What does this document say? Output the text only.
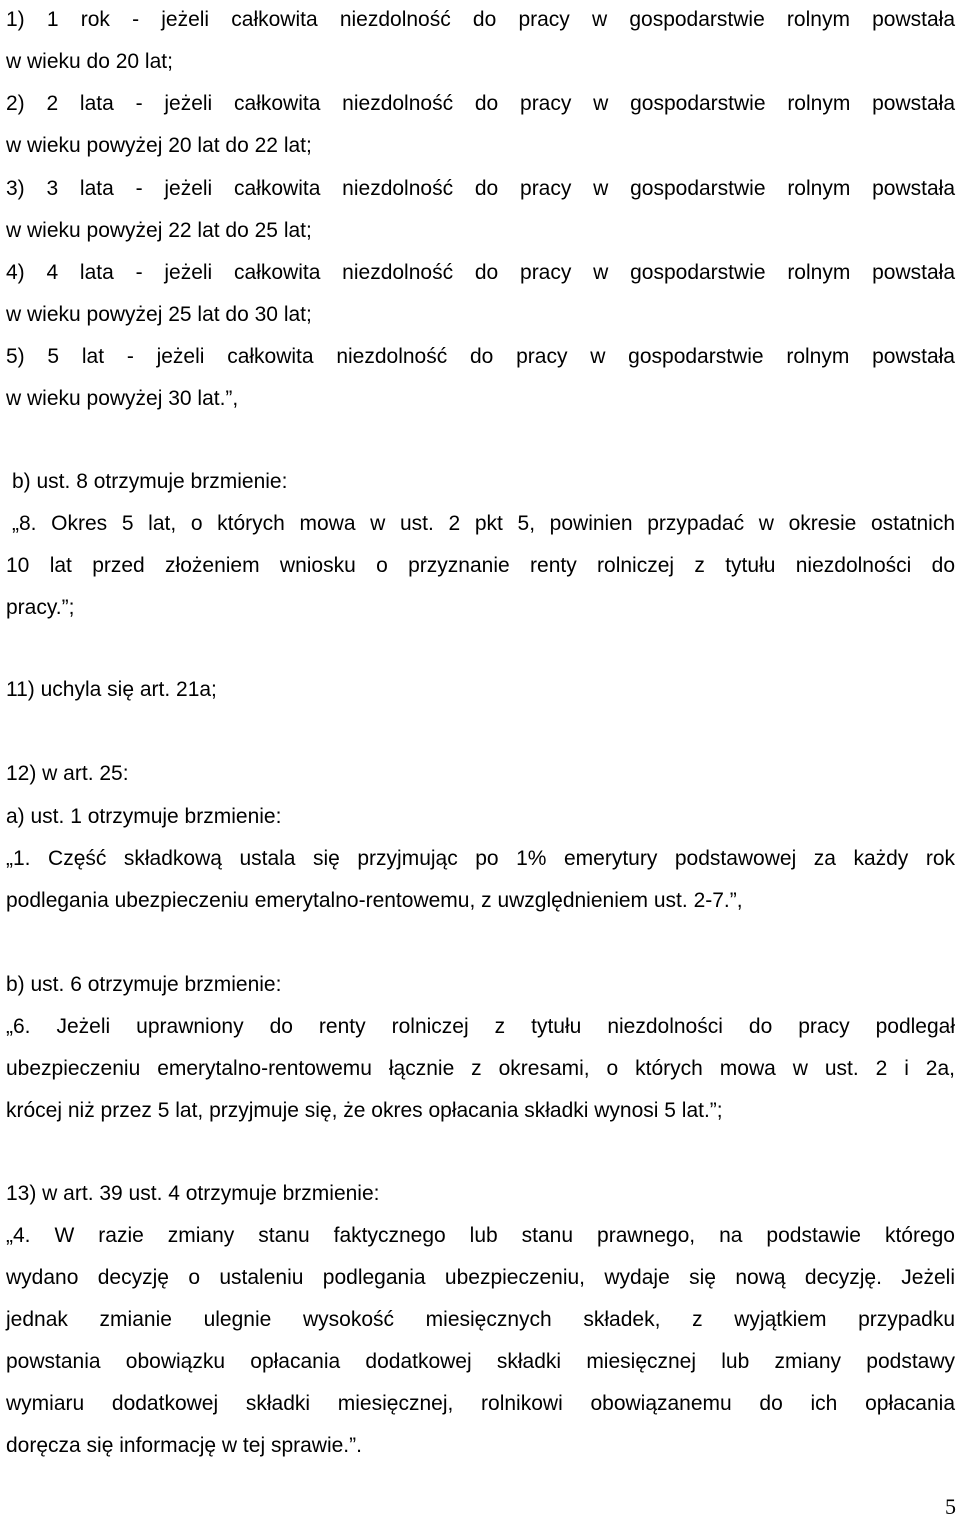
1) 1 rok - jeżeli całkowita niezdolność do pracy w gospodarstwie rolnym powstała
w wieku do 20 lat;
2) 2 lata - jeżeli całkowita niezdolność do pracy w gospodarstwie rolnym powstała
w wieku powyżej 20 lat do 22 lat;
3) 3 lata - jeżeli całkowita niezdolność do pracy w gospodarstwie rolnym powstała
w wieku powyżej 22 lat do 25 lat;
4) 4 lata - jeżeli całkowita niezdolność do pracy w gospodarstwie rolnym powstała
w wieku powyżej 25 lat do 30 lat;
5) 5 lat - jeżeli całkowita niezdolność do pracy w gospodarstwie rolnym powstała
w wieku powyżej 30 lat.”,
b) ust. 8 otrzymuje brzmienie:
„8. Okres 5 lat, o których mowa w ust. 2 pkt 5, powinien przypadać w okresie ostatnich
10 lat przed złożeniem wniosku o przyznanie renty rolniczej z tytułu niezdolności do
pracy.”;
11) uchyla się art. 21a;
12) w art. 25:
a) ust. 1 otrzymuje brzmienie:
„1. Część składkową ustala się przyjmując po 1% emerytury podstawowej za każdy rok
podlegania ubezpieczeniu emerytalno-rentowemu, z uwzględnieniem ust. 2-7.”,
b) ust. 6 otrzymuje brzmienie:
„6. Jeżeli uprawniony do renty rolniczej z tytułu niezdolności do pracy podlegał
ubezpieczeniu emerytalno-rentowemu łącznie z okresami, o których mowa w ust. 2 i 2a,
krócej niż przez 5 lat, przyjmuje się, że okres opłacania składki wynosi 5 lat.”;
13) w art. 39 ust. 4 otrzymuje brzmienie:
„4. W razie zmiany stanu faktycznego lub stanu prawnego, na podstawie którego
wydano decyzję o ustaleniu podlegania ubezpieczeniu, wydaje się nową decyzję. Jeżeli
jednak zmianie ulegnie wysokość miesięcznych składek, z wyjątkiem przypadku
powstania obowiązku opłacania dodatkowej składki miesięcznej lub zmiany podstawy
wymiaru dodatkowej składki miesięcznej, rolnikowi obowiązanemu do ich opłacania
doręcza się informację w tej sprawie.”.
5
